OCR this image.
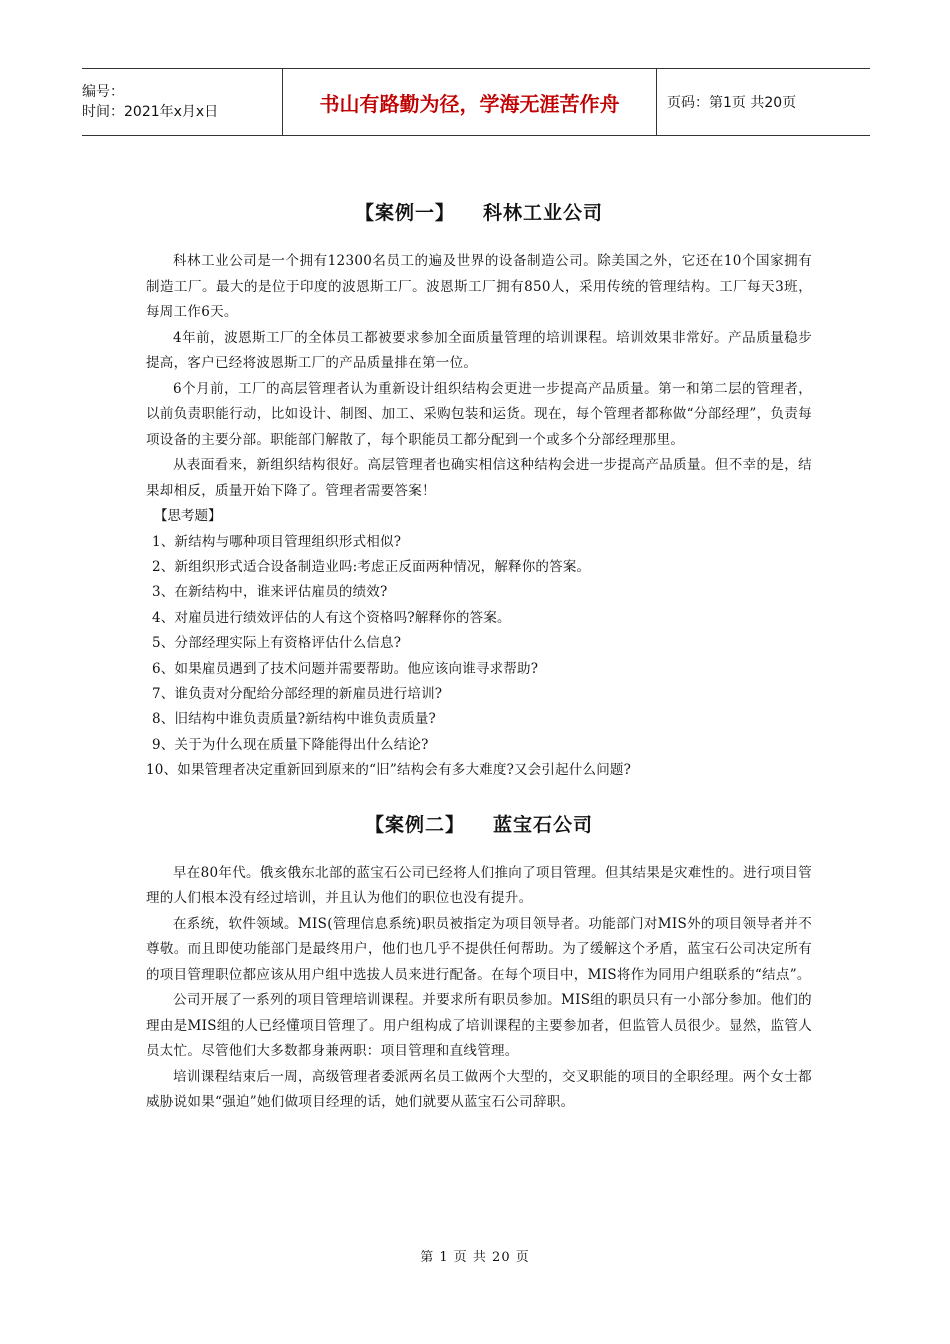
编号：
时间：2021年x月x日	书山有路勤为径，学海无涯苦作舟	页码：第1页 共20页
【案例一】 科林工业公司

科林工业公司是一个拥有12300名员工的遍及世界的设备制造公司。除美国之外，它还在10个国家拥有制造工厂。最大的是位于印度的波恩斯工厂。波恩斯工厂拥有850人，采用传统的管理结构。工厂每天3班，每周工作6天。

4年前，波恩斯工厂的全体员工都被要求参加全面质量管理的培训课程。培训效果非常好。产品质量稳步提高，客户已经将波恩斯工厂的产品质量排在第一位。

6个月前，工厂的高层管理者认为重新设计组织结构会更进一步提高产品质量。第一和第二层的管理者，以前负责职能行动，比如设计、制图、加工、采购包装和运货。现在，每个管理者都称做“分部经理”，负责每项设备的主要分部。职能部门解散了，每个职能员工都分配到一个或多个分部经理那里。

从表面看来，新组织结构很好。高层管理者也确实相信这种结构会进一步提高产品质量。但不幸的是，结果却相反，质量开始下降了。管理者需要答案！

【思考题】

1、新结构与哪种项目管理组织形式相似?

2、新组织形式适合设备制造业吗:考虑正反面两种情况，解释你的答案。

3、在新结构中，谁来评估雇员的绩效?

4、对雇员进行绩效评估的人有这个资格吗?解释你的答案。

5、分部经理实际上有资格评估什么信息?

6、如果雇员遇到了技术问题并需要帮助。他应该向谁寻求帮助?

7、谁负责对分配给分部经理的新雇员进行培训?

8、旧结构中谁负责质量?新结构中谁负责质量?

9、关于为什么现在质量下降能得出什么结论?

10、如果管理者决定重新回到原来的“旧”结构会有多大难度?又会引起什么问题?

【案例二】 蓝宝石公司

早在80年代。俄亥俄东北部的蓝宝石公司已经将人们推向了项目管理。但其结果是灾难性的。进行项目管理的人们根本没有经过培训，并且认为他们的职位也没有提升。

在系统，软件领域。MIS(管理信息系统)职员被指定为项目领导者。功能部门对MIS外的项目领导者并不尊敬。而且即使功能部门是最终用户，他们也几乎不提供任何帮助。为了缓解这个矛盾，蓝宝石公司决定所有的项目管理职位都应该从用户组中选拔人员来进行配备。在每个项目中，MIS将作为同用户组联系的“结点”。

公司开展了一系列的项目管理培训课程。并要求所有职员参加。MIS组的职员只有一小部分参加。他们的理由是MIS组的人已经懂项目管理了。用户组构成了培训课程的主要参加者，但监管人员很少。显然，监管人员太忙。尽管他们大多数都身兼两职：项目管理和直线管理。

培训课程结束后一周，高级管理者委派两名员工做两个大型的，交叉职能的项目的全职经理。两个女士都威胁说如果“强迫”她们做项目经理的话，她们就要从蓝宝石公司辞职。

第 1 页 共 20 页
